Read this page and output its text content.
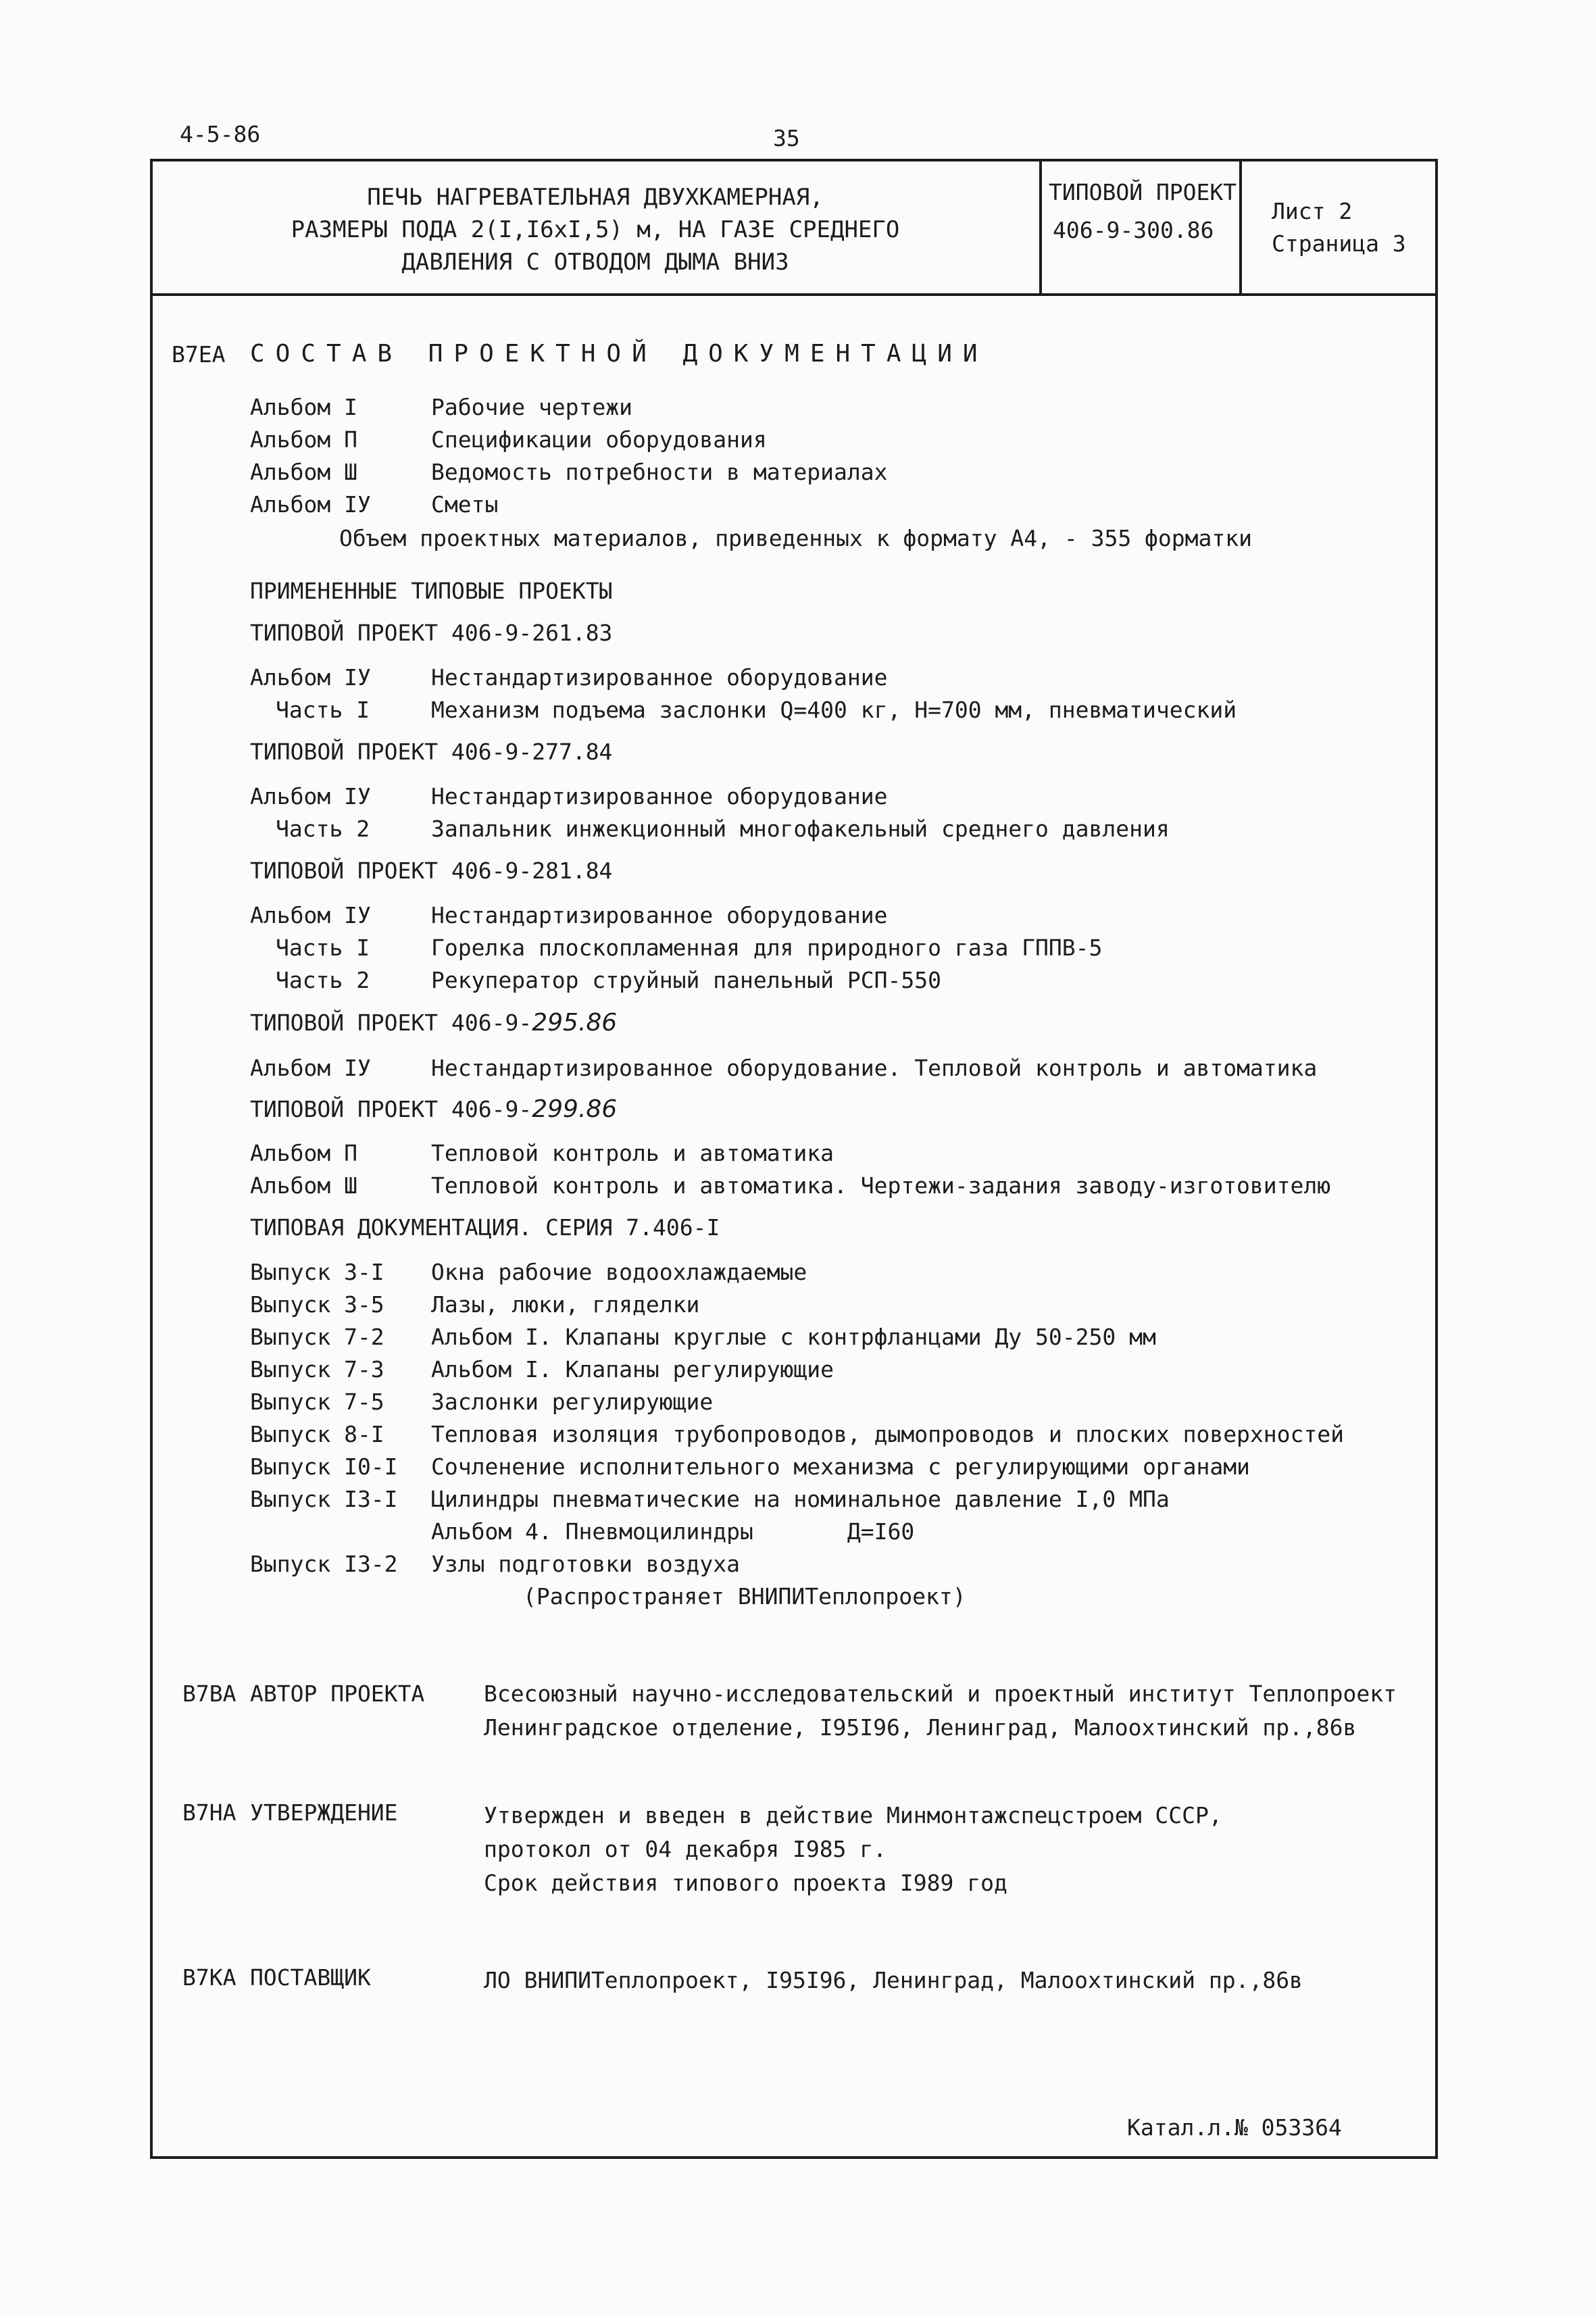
4-5-86	35
ПЕЧЬ НАГРЕВАТЕЛЬНАЯ ДВУХКАМЕРНАЯ,
РАЗМЕРЫ ПОДА 2(I,I6xI,5) м, НА ГАЗЕ СРЕДНЕГО
ДАВЛЕНИЯ С ОТВОДОМ ДЫМА ВНИЗ
ТИПОВОЙ ПРОЕКТ
406-9-300.86
Лист 2
Страница 3
В7ЕА СОСТАВ ПРОЕКТНОЙ ДОКУМЕНТАЦИИ
Альбом I	Рабочие чертежи
Альбом П	Спецификации оборудования
Альбом Ш	Ведомость потребности в материалах
Альбом IУ	Сметы
Объем проектных материалов, приведенных к формату А4, - 355 форматки
ПРИМЕНЕННЫЕ ТИПОВЫЕ ПРОЕКТЫ
ТИПОВОЙ ПРОЕКТ 406-9-261.83
Альбом IУ	Нестандартизированное оборудование
Часть I	Механизм подъема заслонки Q=400 кг, Н=700 мм, пневматический
ТИПОВОЙ ПРОЕКТ 406-9-277.84
Альбом IУ	Нестандартизированное оборудование
Часть 2	Запальник инжекционный многофакельный среднего давления
ТИПОВОЙ ПРОЕКТ 406-9-281.84
Альбом IУ	Нестандартизированное оборудование
Часть I	Горелка плоскопламенная для природного газа ГППВ-5
Часть 2	Рекуператор струйный панельный РСП-550
ТИПОВОЙ ПРОЕКТ 406-9-295.86
Альбом IУ	Нестандартизированное оборудование. Тепловой контроль и автоматика
ТИПОВОЙ ПРОЕКТ 406-9-299.86
Альбом П	Тепловой контроль и автоматика
Альбом Ш	Тепловой контроль и автоматика. Чертежи-задания заводу-изготовителю
ТИПОВАЯ ДОКУМЕНТАЦИЯ. СЕРИЯ 7.406-I
Выпуск 3-I Окна рабочие водоохлаждаемые
Выпуск 3-5 Лазы, люки, гляделки
Выпуск 7-2 Альбом I. Клапаны круглые с контрфланцами Ду 50-250 мм
Выпуск 7-3 Альбом I. Клапаны регулирующие
Выпуск 7-5 Заслонки регулирующие
Выпуск 8-I Тепловая изоляция трубопроводов, дымопроводов и плоских поверхностей
Выпуск I0-I Сочленение исполнительного механизма с регулирующими органами
Выпуск I3-I Цилиндры пневматические на номинальное давление I,0 МПа
Альбом 4. Пневмоцилиндры       Д=I60
Выпуск I3-2 Узлы подготовки воздуха
(Распространяет ВНИПИТеплопроект)
В7ВА АВТОР ПРОЕКТА	Всесоюзный научно-исследовательский и проектный институт Теплопроект
Ленинградское отделение, I95I96, Ленинград, Малоохтинский пр.,86в
В7НА УТВЕРЖДЕНИЕ	Утвержден и введен в действие Минмонтажспецстроем СССР,
протокол от 04 декабря I985 г.
Срок действия типового проекта I989 год
В7КА ПОСТАВЩИК	ЛО ВНИПИТеплопроект, I95I96, Ленинград, Малоохтинский пр.,86в
Катал.л.№ 053364
